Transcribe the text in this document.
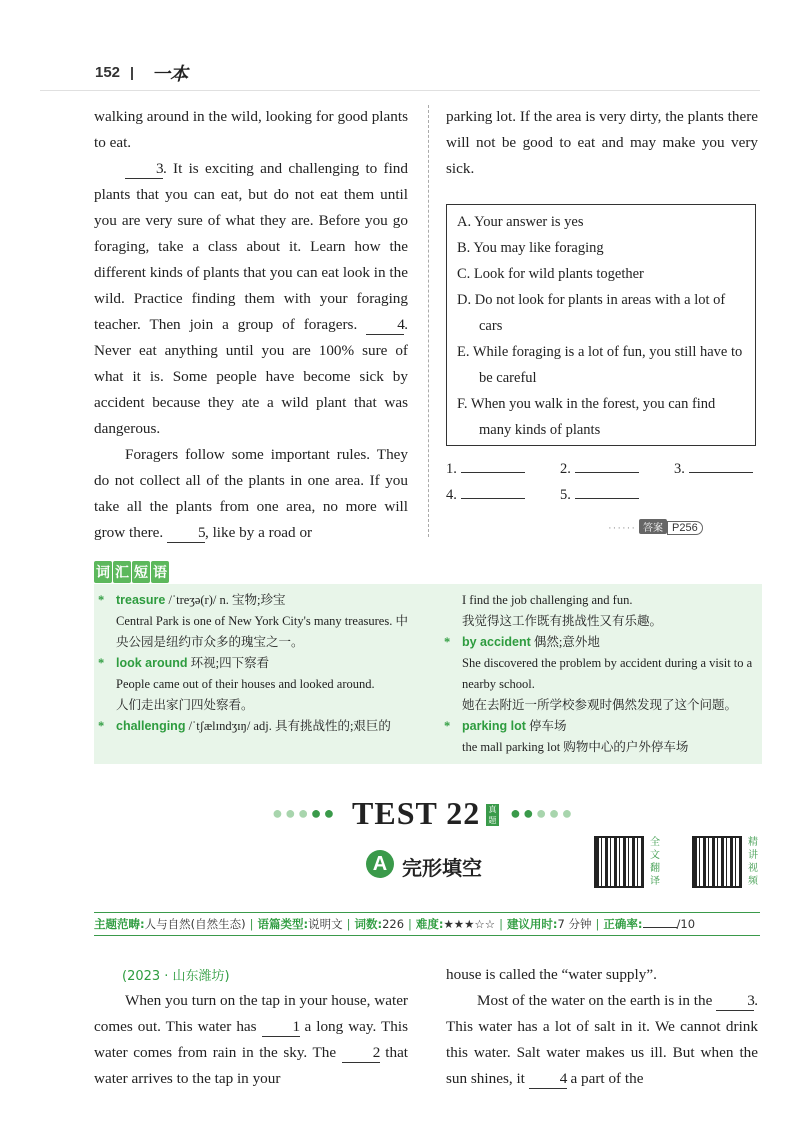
152 一本

walking around in the wild, looking for good plants to eat.

3. It is exciting and challenging to find plants that you can eat, but do not eat them until you are very sure of what they are. Before you go foraging, take a class about it. Learn how the different kinds of plants that you can eat look in the wild. Practice finding them with your foraging teacher. Then join a group of foragers.	4. Never eat anything until you are 100% sure of what it is. Some people have become sick by accident because they ate a wild plant that was dangerous.

Foragers follow some important rules. They do not collect all of the plants in one area. If you take all the plants from one area, no more will grow there. 5, like by a road or

parking lot. If the area is very dirty, the plants there will not be good to eat and may make you very sick.

A. Your answer is yes
B. You may like foraging
C. Look for wild plants together
D. Do not look for plants in areas with a lot of cars
E. While foraging is a lot of fun, you still have to be careful
F. When you walk in the forest, you can find many kinds of plants
1.	2.	3.
4.	5.
······ 答案 P256
词 汇 短 语
* treasure /ˈtreʒə(r)/ n. 宝物;珍宝
Central Park is one of New York City's many treasures. 中央公园是纽约市众多的瑰宝之一。
* look around 环视;四下察看
People came out of their houses and looked around.
人们走出家门四处察看。
* challenging /ˈtʃælɪndʒɪŋ/ adj. 具有挑战性的;艰巨的
I find the job challenging and fun.
我觉得这工作既有挑战性又有乐趣。
* by accident 偶然;意外地
She discovered the problem by accident during a visit to a nearby school.
她在去附近一所学校参观时偶然发现了这个问题。
* parking lot 停车场
the mall parking lot 购物中心的户外停车场
●●●●● TEST 22	真题 ●●●●●
A 完形填空
全文翻译
精讲视频
主题范畴:人与自然(自然生态) | 语篇类型:说明文 | 词数:226 | 难度:★★★☆☆ | 建议用时:7 分钟 | 正确率:	/10
(2023 · 山东潍坊)

When you turn on the tap in your house, water comes out. This water has 1 a long way. This water comes from rain in the sky. The 2 that water arrives to the tap in your

house is called the “water supply”.

Most of the water on the earth is in the 3. This water has a lot of salt in it. We cannot drink this water. Salt water makes us ill. But when the sun shines, it 4 a part of the
